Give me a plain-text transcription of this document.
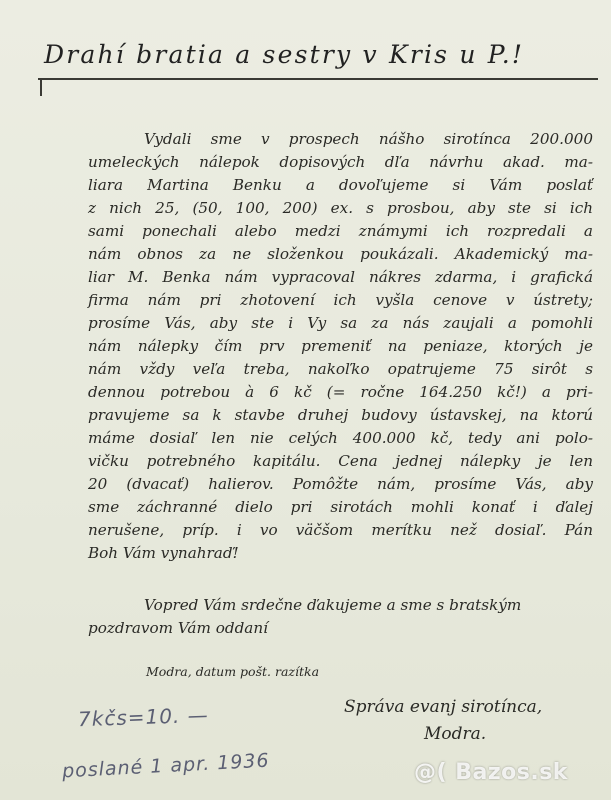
Drahí bratia a sestry v Kris u P.!

Vydali sme v prospech nášho sirotínca 200.000
umeleckých nálepok dopisových dľa návrhu akad. ma-
liara Martina Benku a dovoľujeme si Vám poslať
z nich 25, (50, 100, 200) ex. s prosbou, aby ste si ich
sami ponechali alebo medzi známymi ich rozpredali a
nám obnos za ne složenkou poukázali. Akademický ma-
liar M. Benka nám vypracoval nákres zdarma, i grafická
firma nám pri zhotovení ich vyšla cenove v ústrety;
prosíme Vás, aby ste i Vy sa za nás zaujali a pomohli
nám nálepky čím prv premeniť na peniaze, ktorých je
nám vždy veľa treba, nakoľko opatrujeme 75 sirôt s
dennou potrebou à 6 kč (= ročne 164.250 kč!) a pri-
pravujeme sa k stavbe druhej budovy ústavskej, na ktorú
máme dosiaľ len nie celých 400.000 kč, tedy ani polo-
vičku potrebného kapitálu. Cena jednej nálepky je len
20 (dvacať) halierov. Pomôžte nám, prosíme Vás, aby
sme záchranné dielo pri sirotách mohli konať i ďalej
nerušene, príp. i vo väčšom merítku než dosiaľ. Pán
Boh Vám vynahraď!

Vopred Vám srdečne ďakujeme a sme s bratským
pozdravom Vám oddaní
Modra, datum pošt. razítka
Správa evanj sirotínca,
Modra.
7kčs=10. —
poslané 1 apr. 1936	@( Bazos.sk
